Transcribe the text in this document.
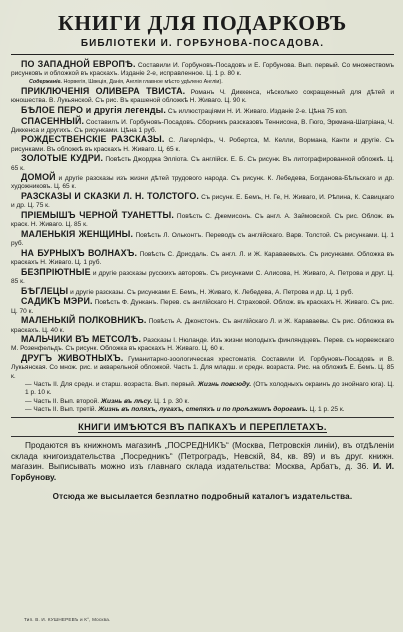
КНИГИ ДЛЯ ПОДАРКОВЪ
БИБЛІОТЕКИ И. ГОРБУНОВА-ПОСАДОВА.

ПО ЗАПАДНОЙ ЕВРОПѢ. Составили И. Горбуновъ-Посадовъ и Е. Горбунова. Вып. первый. Со множествомъ рисунковъ и обложкой въ краскахъ. Изданіе 2-е, исправленное. Ц. 1 р. 80 к.

Содержаніе. Норвегія, Швеція, Данія, Англія главное мѣсто удѣлено Англіи).

ПРИКЛЮЧЕНІЯ ОЛИВЕРА ТВИСТА. Романъ Ч. Диккенса, нѣсколько сокращенный для дѣтей и юношества. В. Лукьянской. Съ рис. Въ крашеной обложкѣ Н. Живаго. Ц. 90 к.

БѢЛОЕ ПЕРО и другія легенды. Съ иллюстраціями Н. И. Живаго. Изданіе 2-е. Цѣна 75 коп.

СПАСЕННЫЙ. Составилъ И. Горбуновъ-Посадовъ. Сборникъ разсказовъ Теннисона, В. Гюго, Эркмана-Шатріана, Ч. Диккенса и другихъ. Съ рисунками. Цѣна 1 руб.

РОЖДЕСТВЕНСКІЕ РАЗСКАЗЫ. С. Лагерлёфъ, Ч. Робертса, М. Келли, Вормана, Канти и другіе. Съ рисунками. Въ обложкѣ въ краскахъ Н. Живаго. Ц. 65 к.

ЗОЛОТЫЕ КУДРИ. Повѣсть Джорджа Элліота. Съ англійск. Е. Б. Съ рисунк. Въ литографированной обложкѣ. Ц. 65 к.

ДОМОЙ и другіе разсказы изъ жизни дѣтей трудового народа. Съ рисунк. К. Лебедева, Богданова-Бѣльскаго и др. художниковъ. Ц. 65 к.

РАЗСКАЗЫ И СКАЗКИ Л. Н. ТОЛСТОГО. Съ рисунк. Е. Бемъ, Н. Ге, Н. Живаго, И. Рѣпина, К. Савицкаго и др. Ц. 75 к.

ПРІЕМЫШЪ ЧЕРНОЙ ТУАНЕТТЫ. Повѣсть С. Джемисонъ. Съ англ. А. Займовской. Съ рис. Облож. въ краск. Н. Живаго. Ц. 85 к.

МАЛЕНЬКІЯ ЖЕНЩИНЫ. Повѣсть Л. Ольконтъ. Переводъ съ англійскаго. Варв. Толстой. Съ рисунками. Ц. 1 руб.

НА БУРНЫХЪ ВОЛНАХЪ. Повѣсть С. Дрисдаль. Съ англ. Л. и Ж. Караваевыхъ. Съ рисунками. Обложка въ краскахъ Н. Живаго. Ц. 1 руб.

БЕЗПРІЮТНЫЕ и другіе разсказы русскихъ авторовъ. Съ рисунками С. Алисова, Н. Живаго, А. Петрова и друг. Ц. 85 к.

БѢГЛЕЦЫ и другіе разсказы. Съ рисунками Е. Бемъ, Н. Живаго, К. Лебедева, А. Петрова и др. Ц. 1 руб.

САДИКЪ МЭРИ. Повѣсть Ф. Дунканъ. Перев. съ англійскаго Н. Страховой. Облож. въ краскахъ Н. Живаго. Съ рис. Ц. 70 к.

МАЛЕНЬКІЙ ПОЛКОВНИКЪ. Повѣсть А. Джонстонъ. Съ англійскаго Л. и Ж. Караваевы. Съ рис. Обложка въ краскахъ. Ц. 40 к.

МАЛЬЧИКИ ВЪ МЕТСОЛѢ. Разсказы І. Нюланде. Изъ жизни молодыхъ финляндцевъ. Перев. съ норвежскаго М. Розенфельдъ. Съ рисунк. Обложка въ краскахъ Н. Живаго. Ц. 60 к.

ДРУГЪ ЖИВОТНЫХЪ. Гуманитарно-зоологическая хрестоматія. Составили И. Горбуновъ-Посадовъ и В. Лукьянская. Со множ. рис. и акварельной обложкой. Часть 1. Для младш. и средн. возраста. Рис. на обложкѣ Е. Бемъ. Ц. 85 к.

— Часть II. Для средн. и старш. возраста. Вып. первый. Жизнь повсюду. (Отъ холодныхъ окраинъ до знойнаго юга). Ц. 1 р. 10 к.
— Часть II. Вып. второй. Жизнь въ лѣсу. Ц. 1 р. 30 к.
— Часть II. Вып. третій. Жизнь въ поляхъ, лугахъ, степяхъ и по проѣзжимъ дорогамъ. Ц. 1 р. 25 к.
КНИГИ ИМѢЮТСЯ ВЪ ПАПКАХЪ И ПЕРЕПЛЕТАХЪ.

Продаются въ книжномъ магазинѣ „ПОСРЕДНИКЪ“ (Москва, Петровскія линіи), въ отдѣленіи склада книгоиздательства „Посредникъ“ (Петроградъ, Невскій, 84, кв. 89) и въ друг. книжн. магазин. Выписывать можно изъ главнаго склада издательства: Москва, Арбатъ, д. 36. И. И. Горбунову.

Отсюда же высылается безплатно подробный каталогъ издательства.
Тип. В. И. КУШНЕРЕВЪ и К°, Москва.
